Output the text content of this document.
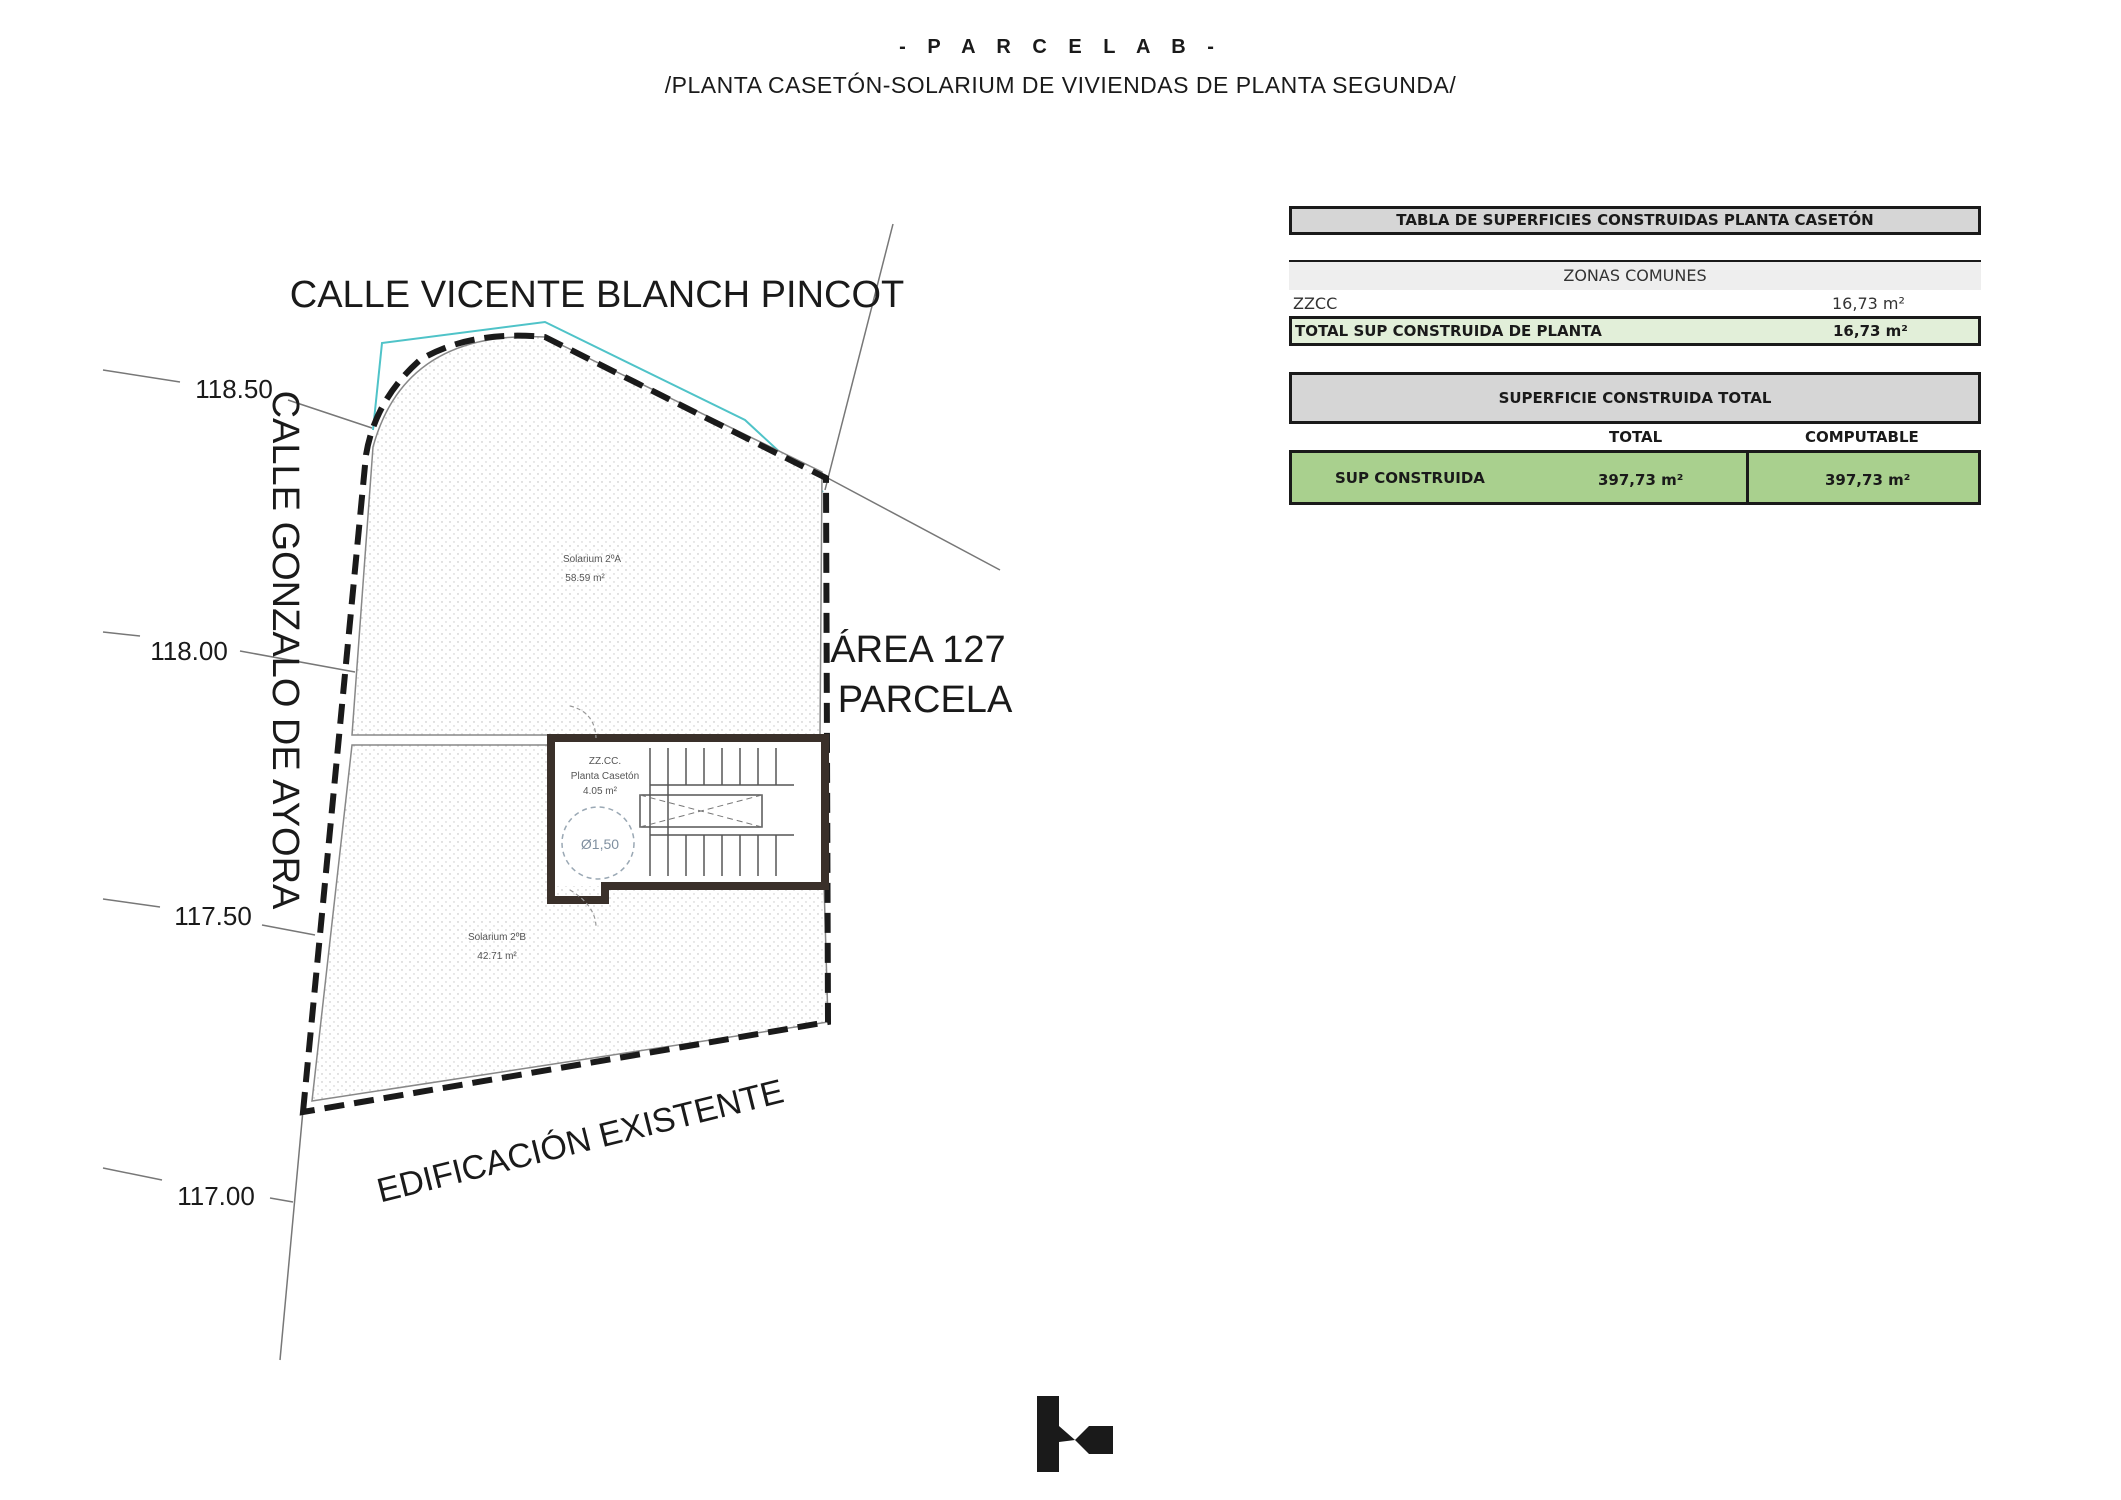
- P A R C E L A B -
/PLANTA CASETÓN-SOLARIUM DE VIVIENDAS DE PLANTA SEGUNDA/
Solarium 2ºA
58.59 m²
Solarium 2ºB
42.71 m²
ZZ.CC.
Planta Casetón
4.05 m²
Ø1,50
CALLE VICENTE BLANCH PINCOT
CALLE GONZALO DE AYORA	ÁREA 127
PARCELA
EDIFICACIÓN EXISTENTE
118.50
118.00
117.50
117.00
TABLA DE SUPERFICIES CONSTRUIDAS PLANTA CASETÓN
ZONAS COMUNES
ZZCC	16,73 m²
TOTAL SUP CONSTRUIDA DE PLANTA	16,73 m²
SUPERFICIE CONSTRUIDA TOTAL
TOTAL	COMPUTABLE
SUP CONSTRUIDA	397,73 m²	397,73 m²
